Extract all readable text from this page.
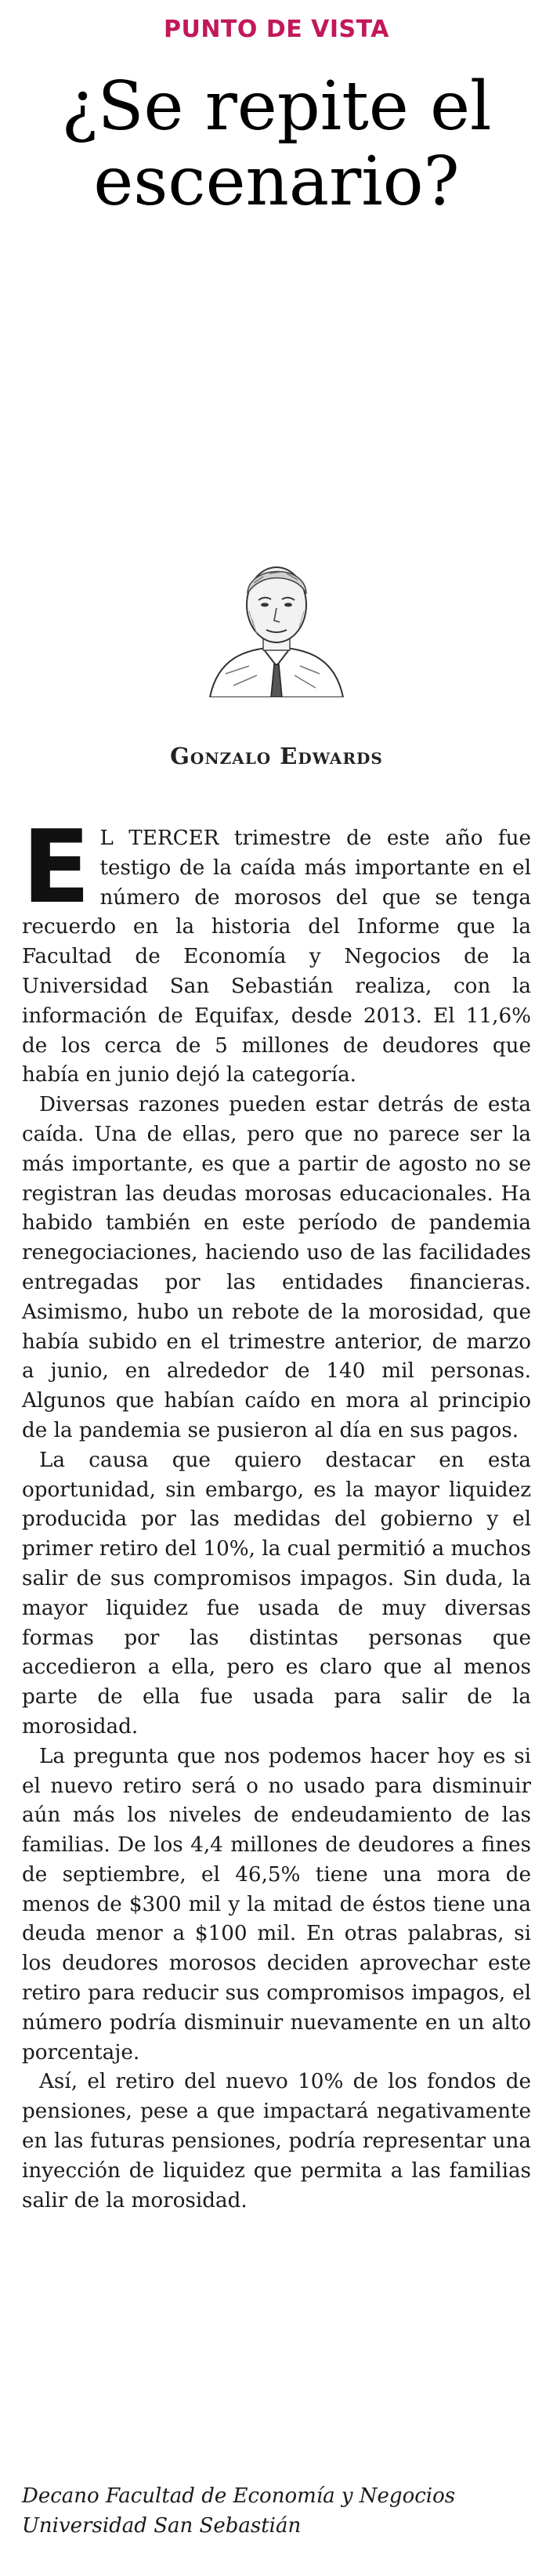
PUNTO DE VISTA
¿Se repite el escenario?
Gonzalo Edwards

E L TERCER trimestre de este año fue testigo de la caída más importante en el número de morosos del que se tenga recuerdo en la historia del Informe que la Facultad de Economía y Negocios de la Universidad San Sebastián realiza, con la información de Equifax, desde 2013. El 11,6% de los cerca de 5 millones de deudores que había en junio dejó la categoría.

Diversas razones pueden estar detrás de esta caída. Una de ellas, pero que no parece ser la más importante, es que a partir de agosto no se registran las deudas morosas educacionales. Ha habido también en este período de pandemia renegociaciones, haciendo uso de las facilidades entregadas por las entidades financieras. Asimismo, hubo un rebote de la morosidad, que había subido en el trimestre anterior, de marzo a junio, en alrededor de 140 mil personas. Algunos que habían caído en mora al principio de la pandemia se pusieron al día en sus pagos.

La causa que quiero destacar en esta oportunidad, sin embargo, es la mayor liquidez producida por las medidas del gobierno y el primer retiro del 10%, la cual permitió a muchos salir de sus compromisos impagos. Sin duda, la mayor liquidez fue usada de muy diversas formas por las distintas personas que accedieron a ella, pero es claro que al menos parte de ella fue usada para salir de la morosidad.

La pregunta que nos podemos hacer hoy es si el nuevo retiro será o no usado para disminuir aún más los niveles de endeudamiento de las familias. De los 4,4 millones de deudores a fines de septiembre, el 46,5% tiene una mora de menos de $300 mil y la mitad de éstos tiene una deuda menor a $100 mil. En otras palabras, si los deudores morosos deciden aprovechar este retiro para reducir sus compromisos impagos, el número podría disminuir nuevamente en un alto porcentaje.

Así, el retiro del nuevo 10% de los fondos de pensiones, pese a que impactará negativamente en las futuras pensiones, podría representar una inyección de liquidez que permita a las familias salir de la morosidad.

Decano Facultad de Economía y Negocios
Universidad San Sebastián
